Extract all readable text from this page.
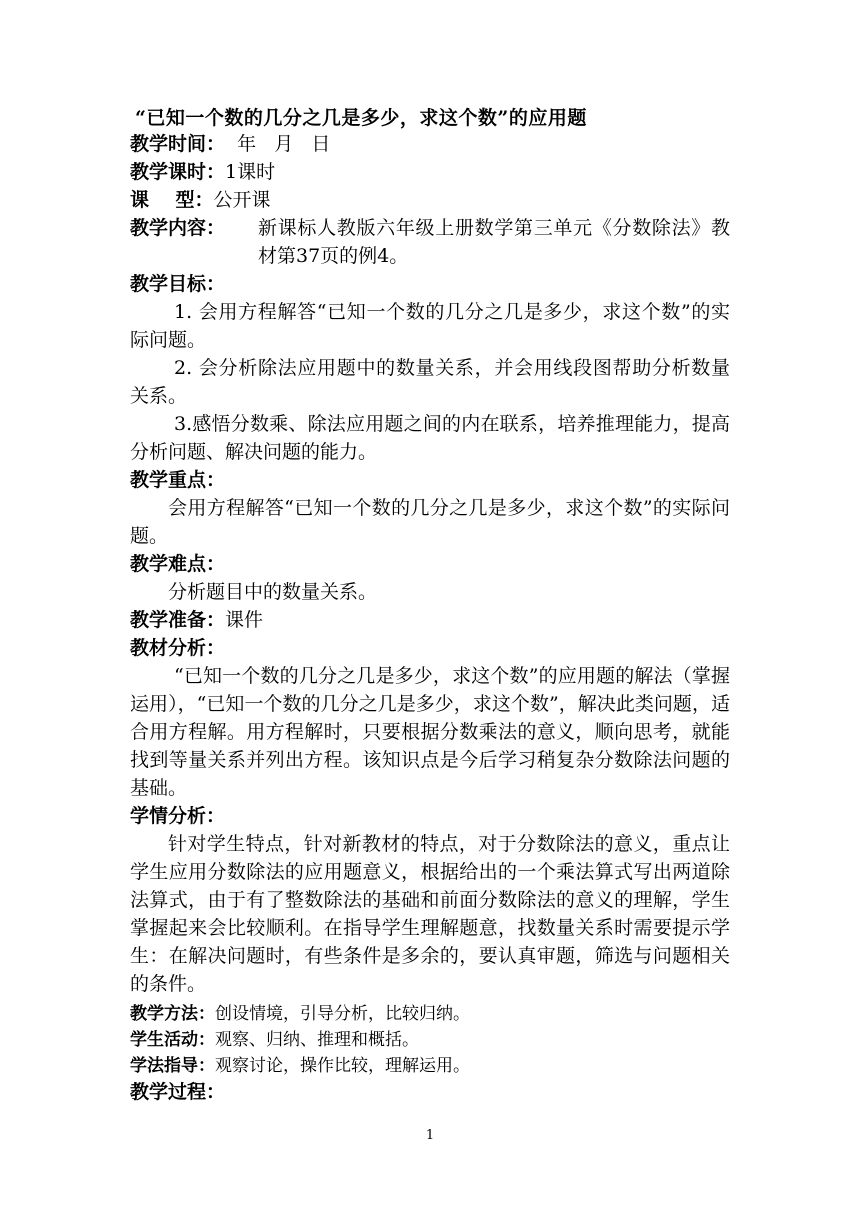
“已知一个数的几分之几是多少，求这个数”的应用题
教学时间：  年   月   日
教学课时：1课时
课    型：公开课
教学内容： 新课标人教版六年级上册数学第三单元《分数除法》教材第37页的例4。
教学目标：
1. 会用方程解答“已知一个数的几分之几是多少，求这个数”的实际问题。
2. 会分析除法应用题中的数量关系，并会用线段图帮助分析数量关系。
3.感悟分数乘、除法应用题之间的内在联系，培养推理能力，提高分析问题、解决问题的能力。
教学重点：
会用方程解答“已知一个数的几分之几是多少，求这个数”的实际问题。
教学难点：
分析题目中的数量关系。
教学准备：课件
教材分析：
“已知一个数的几分之几是多少，求这个数”的应用题的解法（掌握运用），“已知一个数的几分之几是多少，求这个数”，解决此类问题，适合用方程解。用方程解时，只要根据分数乘法的意义，顺向思考，就能找到等量关系并列出方程。该知识点是今后学习稍复杂分数除法问题的基础。
学情分析：
针对学生特点，针对新教材的特点，对于分数除法的意义，重点让学生应用分数除法的应用题意义，根据给出的一个乘法算式写出两道除法算式，由于有了整数除法的基础和前面分数除法的意义的理解，学生掌握起来会比较顺利。在指导学生理解题意，找数量关系时需要提示学生：在解决问题时，有些条件是多余的，要认真审题，筛选与问题相关的条件。
教学方法：创设情境，引导分析，比较归纳。
学生活动：观察、归纳、推理和概括。
学法指导：观察讨论，操作比较，理解运用。
教学过程：
1
